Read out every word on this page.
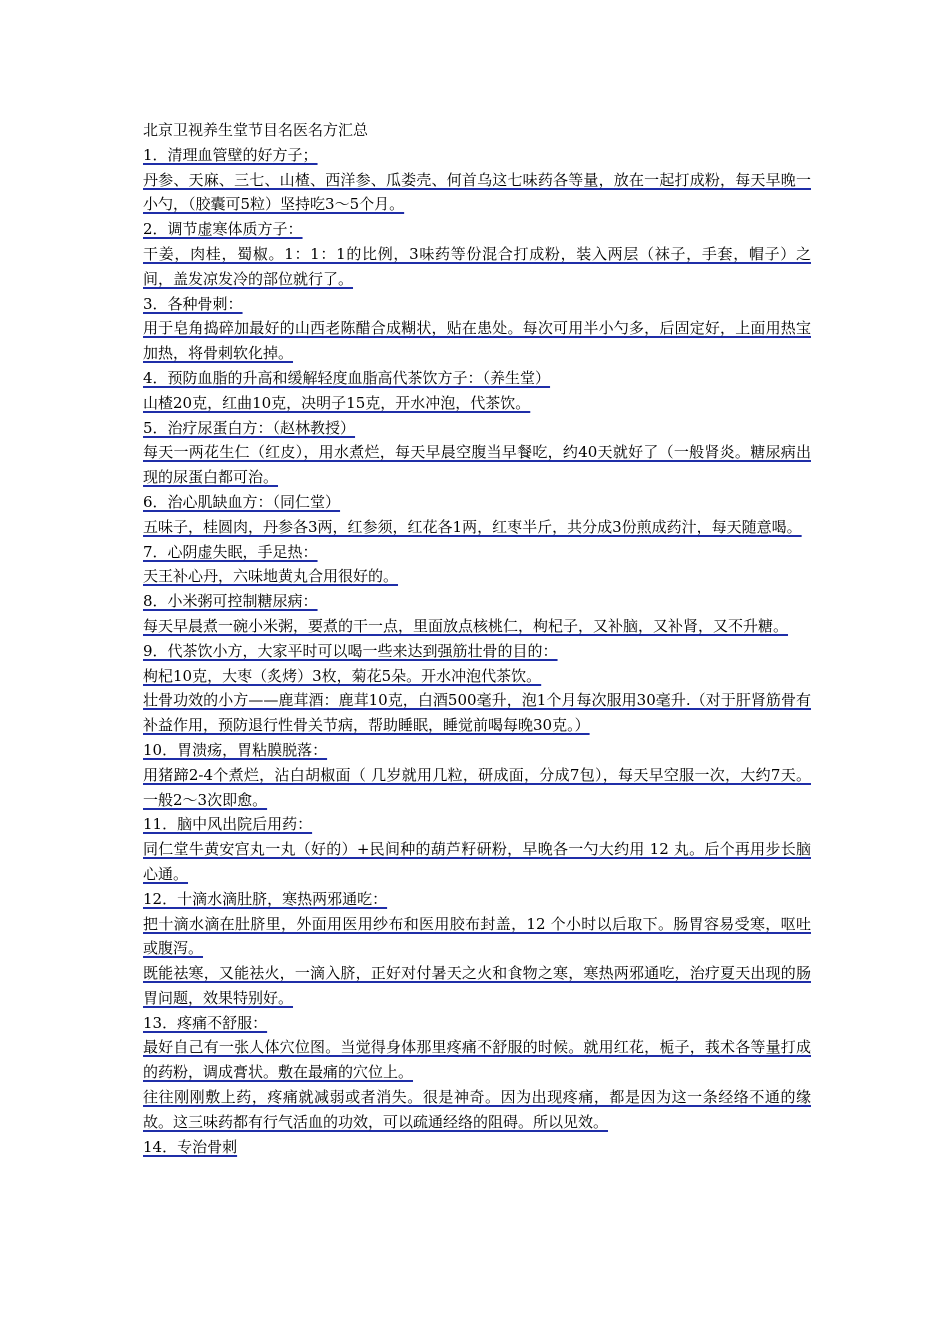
北京卫视养生堂节目名医名方汇总

1．清理血管壁的好方子；

丹参、天麻、三七、山楂、西洋参、瓜娄壳、何首乌这七味药各等量，放在一起打成粉，每天早晚一小勺，（胶囊可5粒）坚持吃3～5个月。

2．调节虚寒体质方子：

干姜，肉桂，蜀椒。1：1：1的比例，3味药等份混合打成粉，装入两层（袜子，手套，帽子）之间，盖发凉发冷的部位就行了。

3．各种骨刺：

用于皂角捣碎加最好的山西老陈醋合成糊状，贴在患处。每次可用半小勺多，后固定好，上面用热宝加热，将骨刺软化掉。

4．预防血脂的升高和缓解轻度血脂高代茶饮方子：（养生堂）

山楂20克，红曲10克，决明子15克，开水冲泡，代茶饮。

5．治疗尿蛋白方：（赵林教授）

每天一两花生仁（红皮），用水煮烂，每天早晨空腹当早餐吃，约40天就好了（一般肾炎。糖尿病出现的尿蛋白都可治。

6．治心肌缺血方：（同仁堂）

五味子，桂圆肉，丹参各3两，红参须，红花各1两，红枣半斤，共分成3份煎成药汁，每天随意喝。

7．心阴虚失眠，手足热：

天王补心丹，六味地黄丸合用很好的。

8．小米粥可控制糖尿病：

每天早晨煮一碗小米粥，要煮的干一点，里面放点核桃仁，枸杞子，又补脑，又补肾，又不升糖。

9．代茶饮小方，大家平时可以喝一些来达到强筋壮骨的目的：

枸杞10克，大枣（炙烤）3枚，菊花5朵。开水冲泡代茶饮。

壮骨功效的小方——鹿茸酒：鹿茸10克，白酒500毫升，泡1个月每次服用30毫升.（对于肝肾筋骨有补益作用，预防退行性骨关节病，帮助睡眠，睡觉前喝每晚30克。）

10．胃溃疡，胃粘膜脱落：

用猪蹄2-4个煮烂，沾白胡椒面（ 几岁就用几粒，研成面，分成7包），每天早空服一次，大约7天。一般2～3次即愈。

11．脑中风出院后用药：

同仁堂牛黄安宫丸一丸（好的）+民间种的葫芦籽研粉，早晚各一勺大约用 12 丸。后个再用步长脑心通。

12．十滴水滴肚脐，寒热两邪通吃：

把十滴水滴在肚脐里，外面用医用纱布和医用胶布封盖，12 个小时以后取下。肠胃容易受寒，呕吐或腹泻。

既能祛寒，又能祛火，一滴入脐，正好对付暑天之火和食物之寒，寒热两邪通吃，治疗夏天出现的肠胃问题，效果特别好。

13．疼痛不舒服：

最好自己有一张人体穴位图。当觉得身体那里疼痛不舒服的时候。就用红花，栀子，莪术各等量打成的药粉，调成膏状。敷在最痛的穴位上。

往往刚刚敷上药，疼痛就减弱或者消失。很是神奇。因为出现疼痛，都是因为这一条经络不通的缘故。这三味药都有行气活血的功效，可以疏通经络的阻碍。所以见效。

14．专治骨刺
